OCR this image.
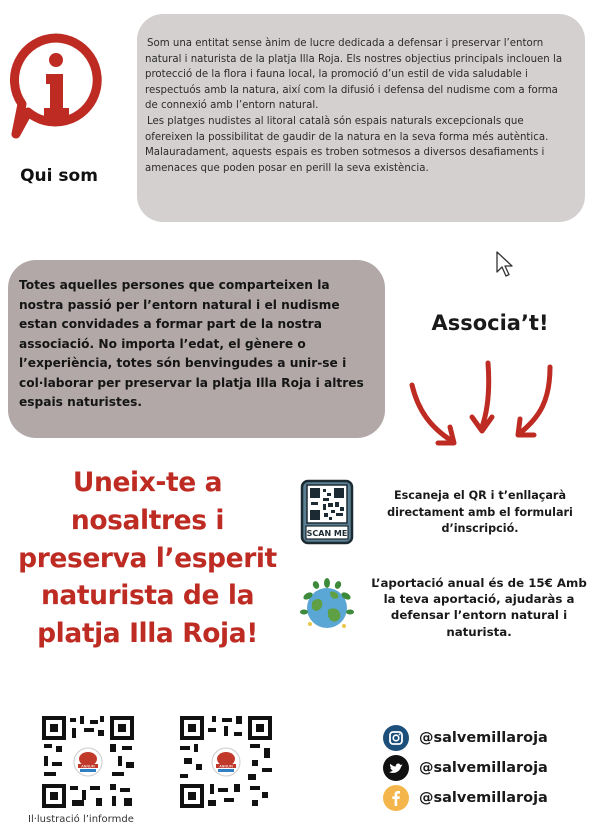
Qui som

Som una entitat sense ànim de lucre dedicada a defensar i preservar l’entorn natural i naturista de la platja Illa Roja. Els nostres objectius principals inclouen la protecció de la flora i fauna local, la promoció d’un estil de vida saludable i respectuós amb la natura, així com la difusió i defensa del nudisme com a forma de connexió amb l’entorn natural.

Les platges nudistes al litoral català són espais naturals excepcionals que ofereixen la possibilitat de gaudir de la natura en la seva forma més autèntica. Malauradament, aquests espais es troben sotmesos a diversos desafiaments i amenaces que poden posar en perill la seva existència.

Totes aquelles persones que comparteixen la nostra passió per l’entorn natural i el nudisme estan convidades a formar part de la nostra associació. No importa l’edat, el gènere o l’experiència, totes són benvingudes a unir-se i col·laborar per preservar la platja Illa Roja i altres espais naturistes.
Associa’t!
Uneix-te a
nosaltres i
preserva l’esperit
naturista de la
platja Illa Roja!
SCAN ME
Escaneja el QR i t’enllaçarà directament amb el formulari d’inscripció.
L’aportació anual és de 15€ Amb la teva aportació, ajudaràs a defensar l’entorn natural i naturista.
ANNUM	ANNUM
Il·lustració l’informde
@salvemillaroja
@salvemillaroja
@salvemillaroja
